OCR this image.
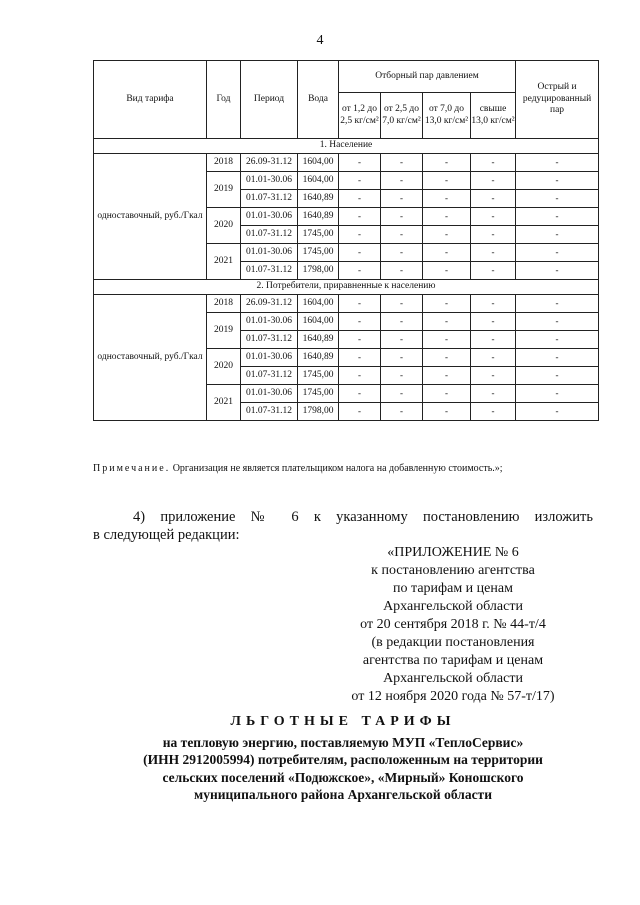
4
Вид тарифа	Год	Период	Вода	Отборный пар давлением				Острый и редуцированный пар
				от 1,2 до 2,5 кг/см²	от 2,5 до 7,0 кг/см²	от 7,0 до 13,0 кг/см²	свыше 13,0 кг/см²	
1. Население								
одноставочный, руб./Гкал	2018	26.09-31.12	1604,00	-	-	-	-	-
	2019	01.01-30.06	1604,00	-	-	-	-	-
		01.07-31.12	1640,89	-	-	-	-	-
	2020	01.01-30.06	1640,89	-	-	-	-	-
		01.07-31.12	1745,00	-	-	-	-	-
	2021	01.01-30.06	1745,00	-	-	-	-	-
		01.07-31.12	1798,00	-	-	-	-	-
2. Потребители, приравненные к населению								
одноставочный, руб./Гкал	2018	26.09-31.12	1604,00	-	-	-	-	-
	2019	01.01-30.06	1604,00	-	-	-	-	-
		01.07-31.12	1640,89	-	-	-	-	-
	2020	01.01-30.06	1640,89	-	-	-	-	-
		01.07-31.12	1745,00	-	-	-	-	-
	2021	01.01-30.06	1745,00	-	-	-	-	-
		01.07-31.12	1798,00	-	-	-	-	-
Примечание. Организация не является плательщиком налога на добавленную стоимость.»;
4) приложение № 6 к указанному постановлению изложить
в следующей редакции:
«ПРИЛОЖЕНИЕ № 6
к постановлению агентства
по тарифам и ценам
Архангельской области
от 20 сентября 2018 г. № 44-т/4
(в редакции постановления
агентства по тарифам и ценам
Архангельской области
от 12 ноября 2020 года № 57-т/17)
ЛЬГОТНЫЕ ТАРИФЫ
на тепловую энергию, поставляемую МУП «ТеплоСервис»
(ИНН 2912005994) потребителям, расположенным на территории
сельских поселений «Подюжское», «Мирный» Коношского
муниципального района Архангельской области
